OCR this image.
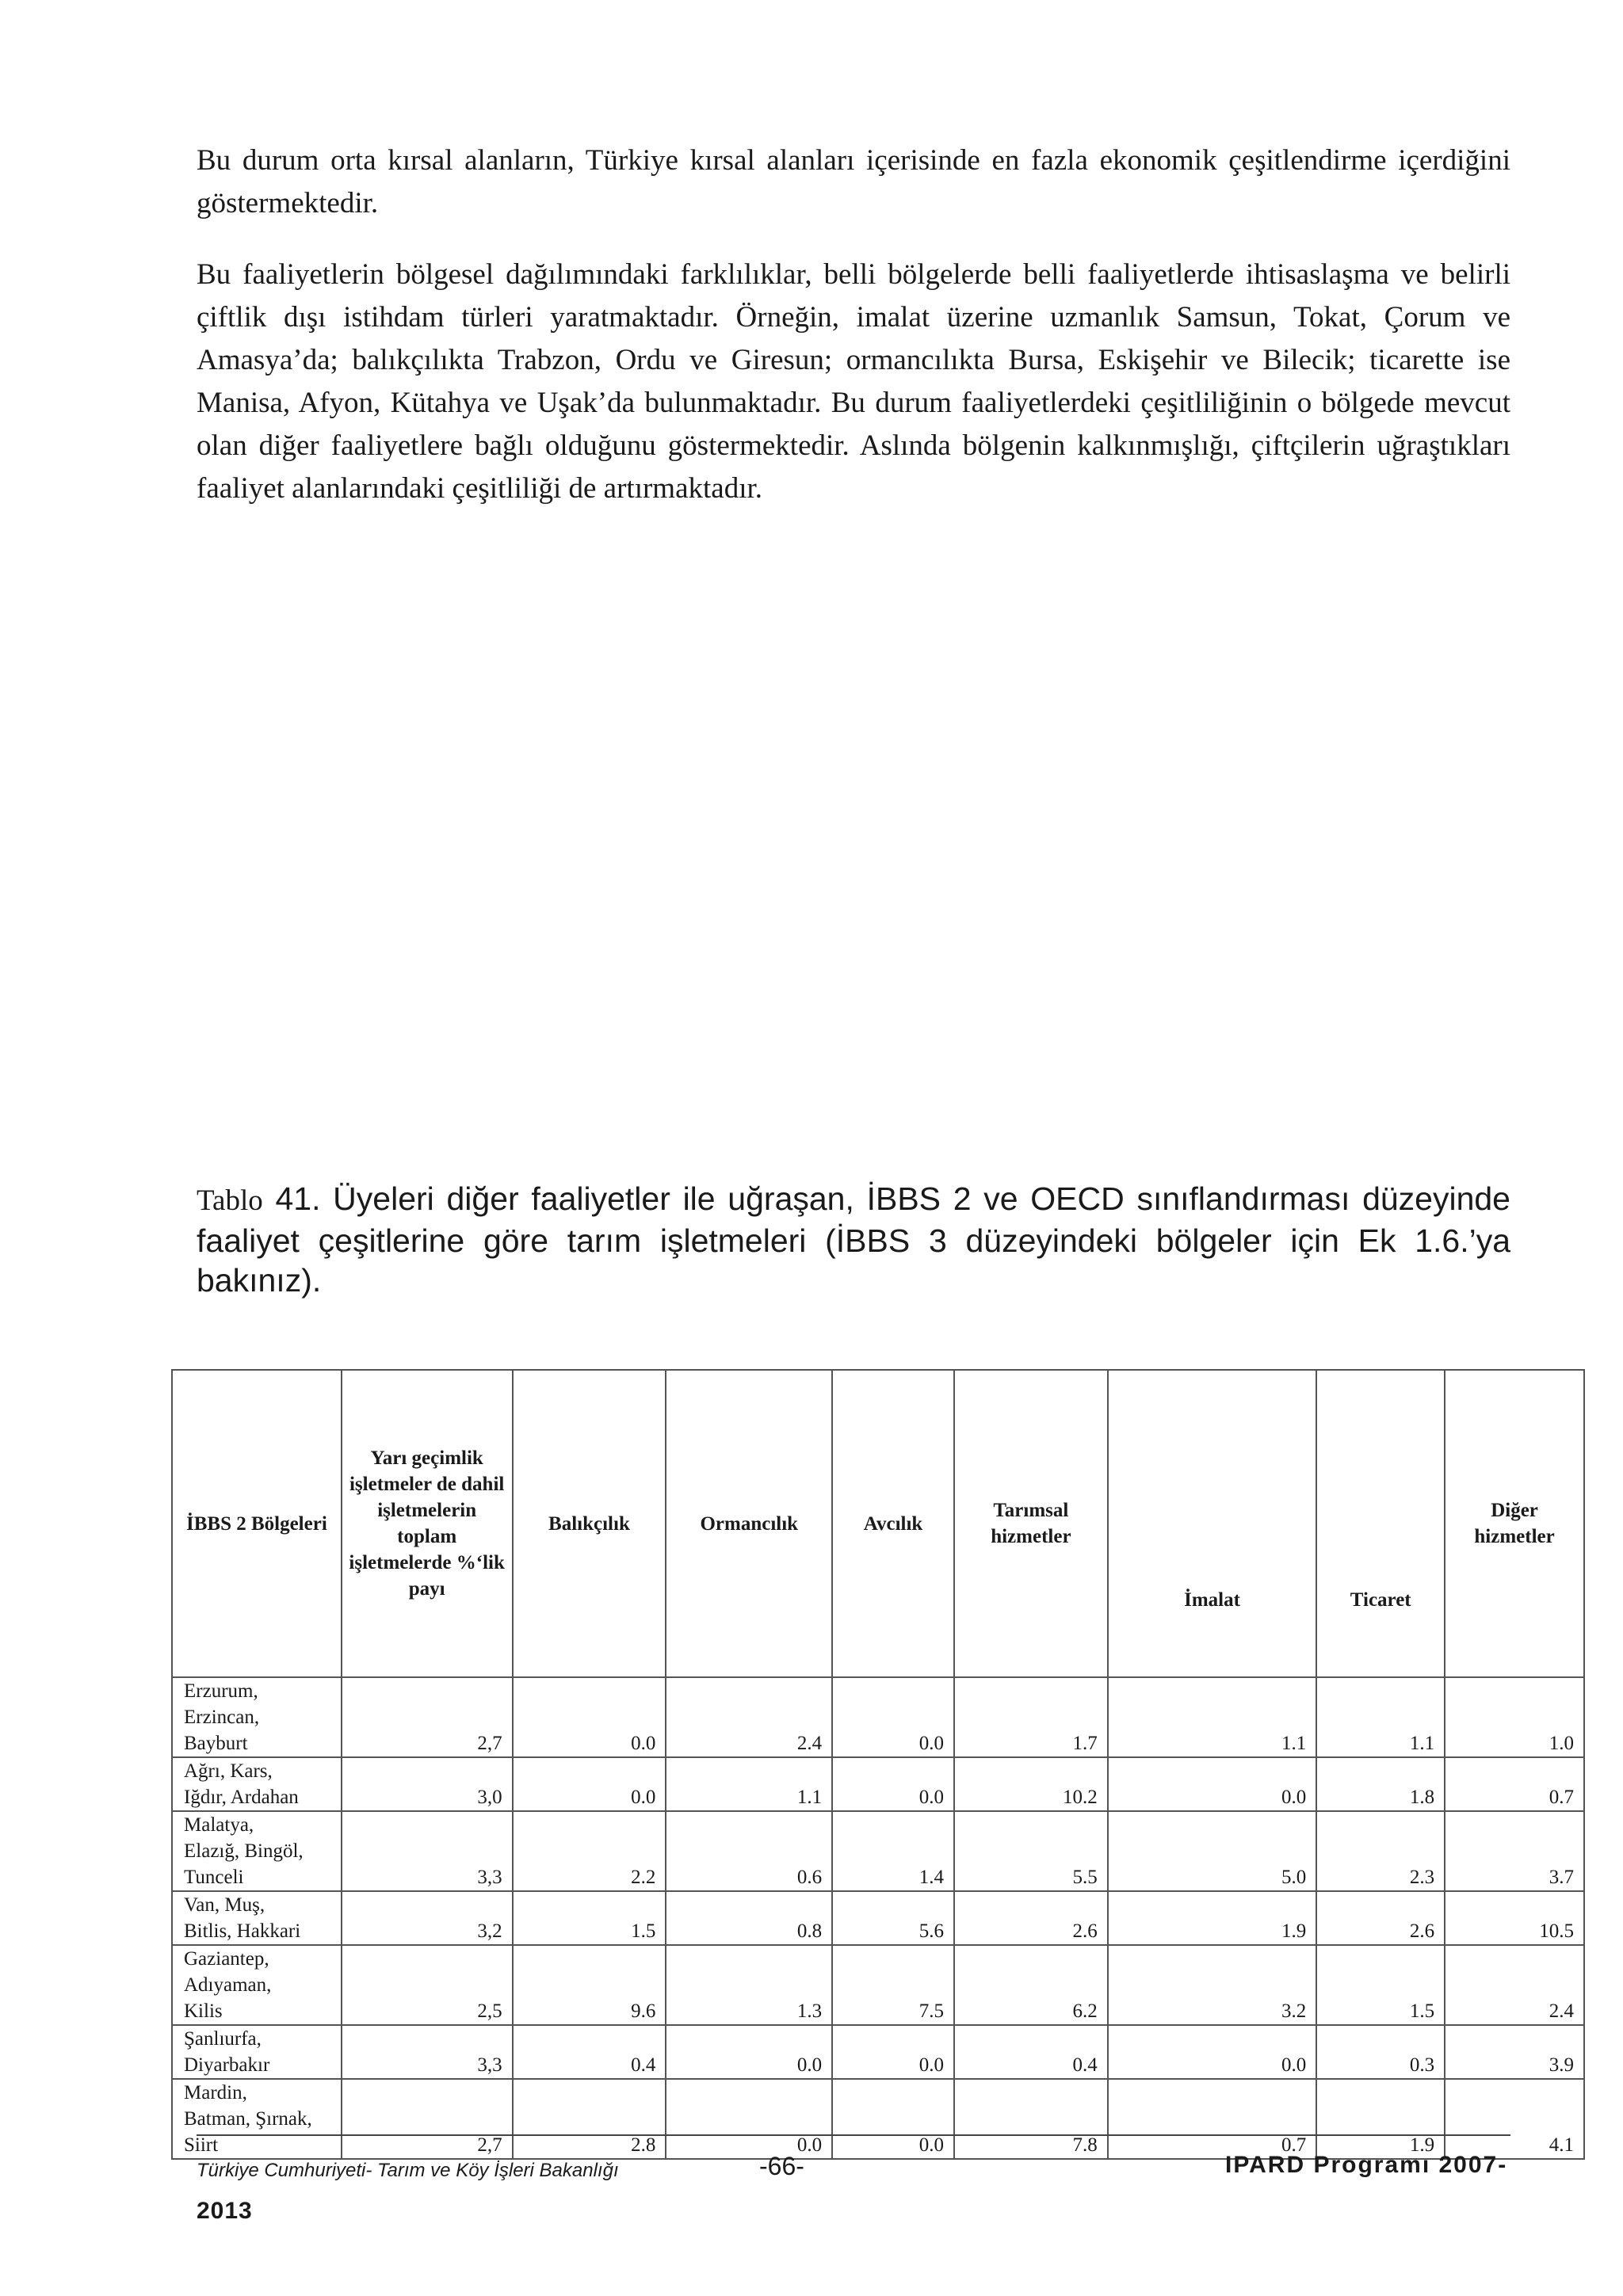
Bu durum orta kırsal alanların, Türkiye kırsal alanları içerisinde en fazla ekonomik çeşitlendirme içerdiğini göstermektedir.

Bu faaliyetlerin bölgesel dağılımındaki farklılıklar, belli bölgelerde belli faaliyetlerde ihtisaslaşma ve belirli çiftlik dışı istihdam türleri yaratmaktadır. Örneğin, imalat üzerine uzmanlık Samsun, Tokat, Çorum ve Amasya’da; balıkçılıkta Trabzon, Ordu ve Giresun; ormancılıkta Bursa, Eskişehir ve Bilecik; ticarette ise Manisa, Afyon, Kütahya ve Uşak’da bulunmaktadır. Bu durum faaliyetlerdeki çeşitliliğinin o bölgede mevcut olan diğer faaliyetlere bağlı olduğunu göstermektedir. Aslında bölgenin kalkınmışlığı, çiftçilerin uğraştıkları faaliyet alanlarındaki çeşitliliği de artırmaktadır.

Tablo 41. Üyeleri diğer faaliyetler ile uğraşan, İBBS 2 ve OECD sınıflandırması düzeyinde faaliyet çeşitlerine göre tarım işletmeleri (İBBS 3 düzeyindeki bölgeler için Ek 1.6.’ya bakınız).

İBBS 2 Bölgeleri	Yarı geçimlik işletmeler de dahil işletmelerin toplam işletmelerde %‘lik payı	Balıkçılık	Ormancılık	Avcılık	Tarımsal hizmetler	İmalat	Ticaret	Diğer hizmetler

Erzurum,
Erzincan,
Bayburt	2,7	0.0	2.4	0.0	1.7	1.1	1.1	1.0

Ağrı, Kars,
Iğdır, Ardahan	3,0	0.0	1.1	0.0	10.2	0.0	1.8	0.7

Malatya,
Elazığ, Bingöl,
Tunceli	3,3	2.2	0.6	1.4	5.5	5.0	2.3	3.7

Van, Muş,
Bitlis, Hakkari	3,2	1.5	0.8	5.6	2.6	1.9	2.6	10.5

Gaziantep,
Adıyaman,
Kilis	2,5	9.6	1.3	7.5	6.2	3.2	1.5	2.4

Şanlıurfa,
Diyarbakır	3,3	0.4	0.0	0.0	0.4	0.0	0.3	3.9

Mardin,
Batman, Şırnak,
Siirt	2,7	2.8	0.0	0.0	7.8	0.7	1.9	4.1
Türkiye Cumhuriyeti- Tarım ve Köy İşleri Bakanlığı	-66-	IPARD Programı 2007-
2013
